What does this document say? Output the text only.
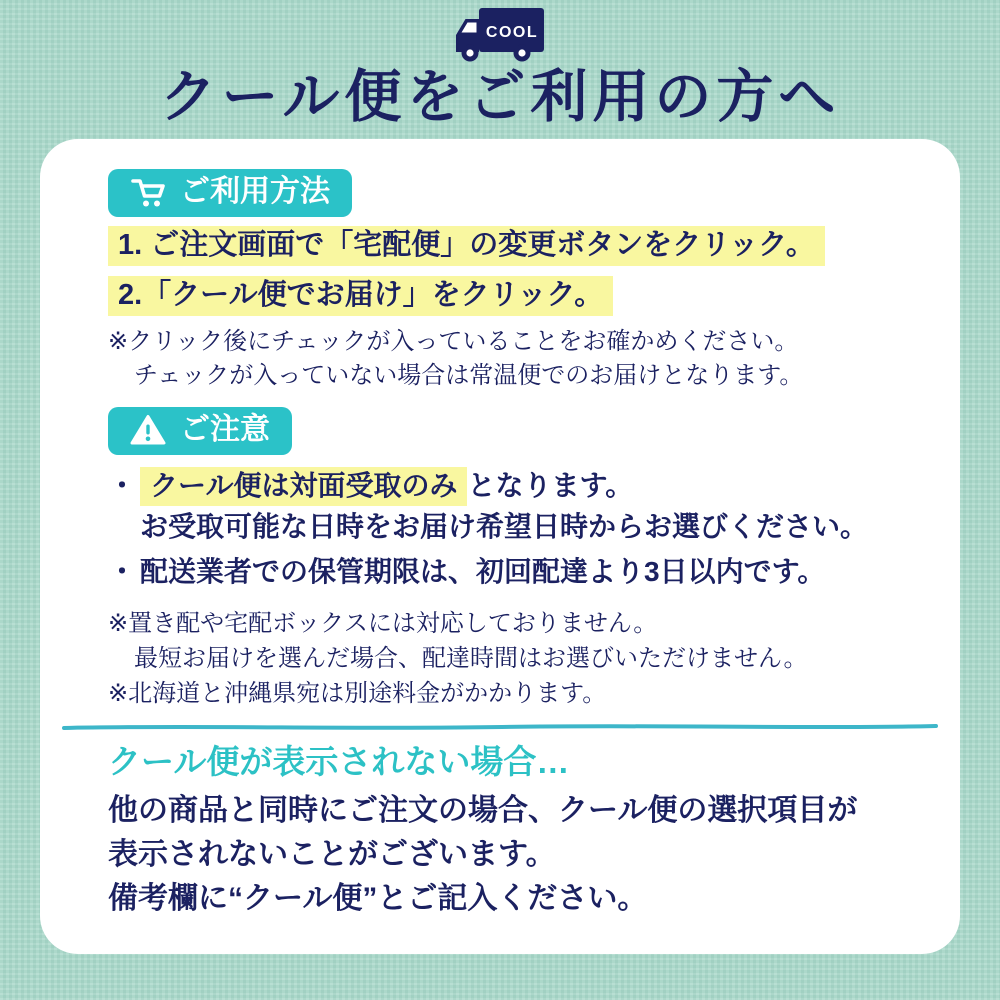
COOL
クール便をご利用の方へ
ご利用方法
1. ご注文画面で「宅配便」の変更ボタンをクリック。
2.「クール便でお届け」をクリック。
※クリック後にチェックが入っていることをお確かめください。
チェックが入っていない場合は常温便でのお届けとなります。
ご注意
・ クール便は対面受取のみ となります。
お受取可能な日時をお届け希望日時からお選びください。
・ 配送業者での保管期限は、初回配達より3日以内です。
※置き配や宅配ボックスには対応しておりません。
最短お届けを選んだ場合、配達時間はお選びいただけません。
※北海道と沖縄県宛は別途料金がかかります。
クール便が表示されない場合…

他の商品と同時にご注文の場合、クール便の選択項目が
表示されないことがございます。
備考欄に“クール便”とご記入ください。
